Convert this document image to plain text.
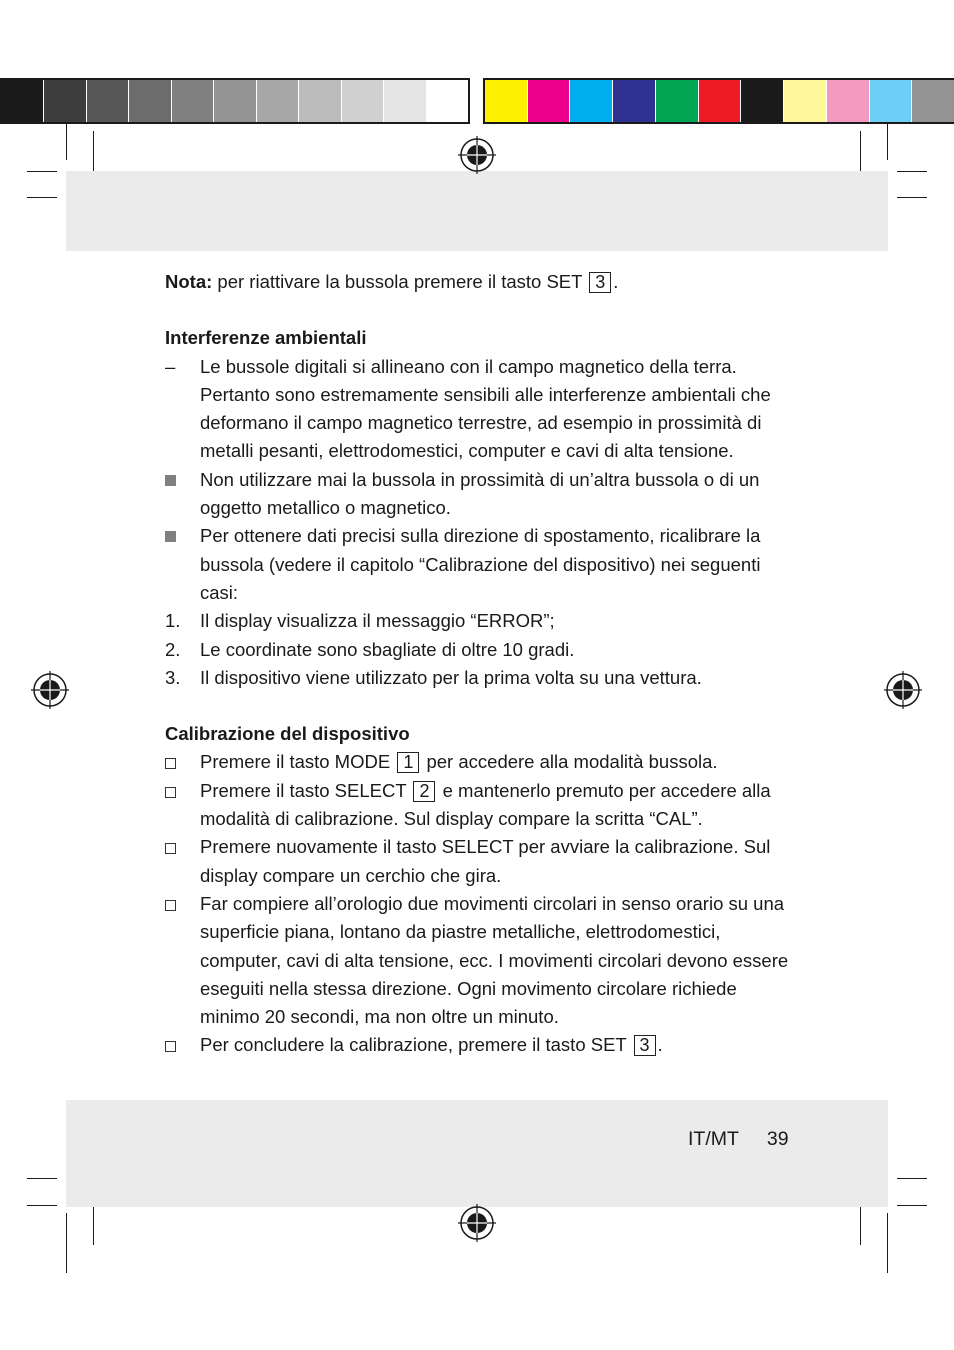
Nota: per riattivare la bussola premere il tasto SET 3 .

Interferenze ambientali

–	Le bussole digitali si allineano con il campo magnetico della terra. Pertanto sono estremamente sensibili alle interferenze ambientali che deformano il campo magnetico terrestre, ad esempio in prossimità di metalli pesanti, elettrodomestici, computer e cavi di alta tensione.
Non utilizzare mai la bussola in prossimità di un’altra bussola o di un oggetto metallico o magnetico.
Per ottenere dati precisi sulla direzione di spostamento, ricalibrare la bussola (vedere il capitolo “Calibrazione del dispositivo) nei seguenti casi:
1.	Il display visualizza il messaggio “ERROR”;
2.	Le coordinate sono sbagliate di oltre 10 gradi.
3.	Il dispositivo viene utilizzato per la prima volta su una vettura.

Calibrazione del dispositivo

Premere il tasto MODE 1 per accedere alla modalità bussola.
Premere il tasto SELECT 2 e mantenerlo premuto per accedere alla modalità di calibrazione. Sul display compare la scritta “CAL”.
Premere nuovamente il tasto SELECT per avviare la calibrazione. Sul display compare un cerchio che gira.
Far compiere all’orologio due movimenti circolari in senso orario su una superficie piana, lontano da piastre metalliche, elettrodomestici, computer, cavi di alta tensione, ecc. I movimenti circolari devono essere eseguiti nella stessa direzione. Ogni movimento circolare richiede minimo 20 secondi, ma non oltre un minuto.
Per concludere la calibrazione, premere il tasto SET 3 .
IT/MT 39
